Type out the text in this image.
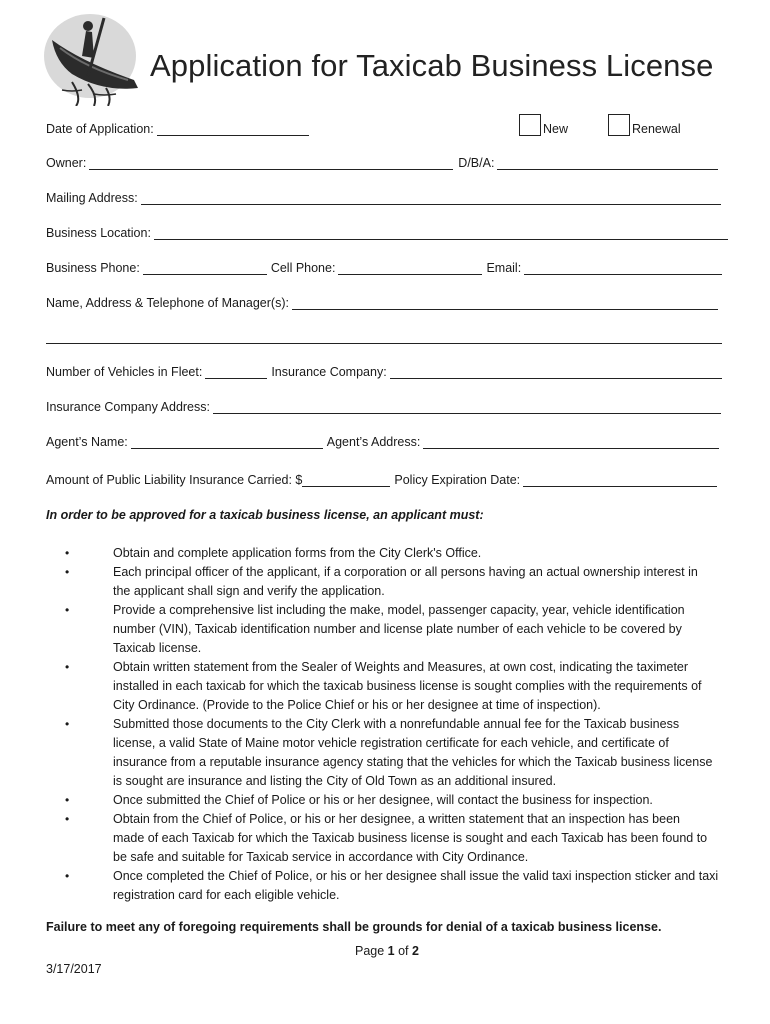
Application for Taxicab Business License
Date of Application:	New	Renewal
Owner:	D/B/A:
Mailing Address:
Business Location:
Business Phone:	Cell Phone:	Email:
Name, Address & Telephone of Manager(s):
Number of Vehicles in Fleet:	Insurance Company:
Insurance Company Address:
Agent’s Name:	Agent’s Address:
Amount of Public Liability Insurance Carried: $	Policy Expiration Date:
In order to be approved for a taxicab business license, an applicant must:
•	Obtain and complete application forms from the City Clerk's Office.
•	Each principal officer of the applicant, if a corporation or all persons having an actual ownership interest in
the applicant shall sign and verify the application.
•	Provide a comprehensive list including the make, model, passenger capacity, year, vehicle identification
number (VIN), Taxicab identification number and license plate number of each vehicle to be covered by
Taxicab license.
•	Obtain written statement from the Sealer of Weights and Measures, at own cost, indicating the taximeter
installed in each taxicab for which the taxicab business license is sought complies with the requirements of
City Ordinance. (Provide to the Police Chief or his or her designee at time of inspection).
•	Submitted those documents to the City Clerk with a nonrefundable annual fee for the Taxicab business
license, a valid State of Maine motor vehicle registration certificate for each vehicle, and certificate of
insurance from a reputable insurance agency stating that the vehicles for which the Taxicab business license
is sought are insurance and listing the City of Old Town as an additional insured.
•	Once submitted the Chief of Police or his or her designee, will contact the business for inspection.
•	Obtain from the Chief of Police, or his or her designee, a written statement that an inspection has been
made of each Taxicab for which the Taxicab business license is sought and each Taxicab has been found to
be safe and suitable for Taxicab service in accordance with City Ordinance.
•	Once completed the Chief of Police, or his or her designee shall issue the valid taxi inspection sticker and taxi
registration card for each eligible vehicle.
Failure to meet any of foregoing requirements shall be grounds for denial of a taxicab business license.
Page 1 of 2
3/17/2017
